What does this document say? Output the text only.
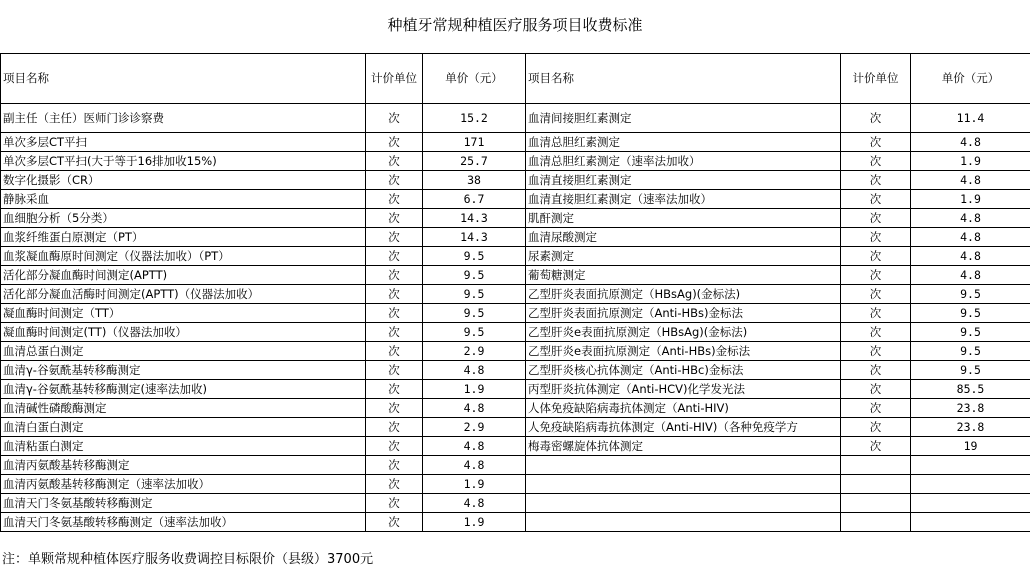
种植牙常规种植医疗服务项目收费标准
项目名称	计价单位	单价（元）	项目名称	计价单位	单价（元）
副主任（主任）医师门诊诊察费	次	15.2	血清间接胆红素测定	次	11.4
单次多层CT平扫	次	171	血清总胆红素测定	次	4.8
单次多层CT平扫(大于等于16排加收15%)	次	25.7	血清总胆红素测定（速率法加收）	次	1.9
数字化摄影（CR）	次	38	血清直接胆红素测定	次	4.8
静脉采血	次	6.7	血清直接胆红素测定（速率法加收）	次	1.9
血细胞分析（5分类）	次	14.3	肌酐测定	次	4.8
血浆纤维蛋白原测定（PT）	次	14.3	血清尿酸测定	次	4.8
血浆凝血酶原时间测定（仪器法加收）（PT）	次	9.5	尿素测定	次	4.8
活化部分凝血酶时间测定(APTT)	次	9.5	葡萄糖测定	次	4.8
活化部分凝血活酶时间测定(APTT)（仪器法加收）	次	9.5	乙型肝炎表面抗原测定（HBsAg)(金标法)	次	9.5
凝血酶时间测定（TT）	次	9.5	乙型肝炎表面抗原测定（Anti-HBs)金标法	次	9.5
凝血酶时间测定(TT)（仪器法加收）	次	9.5	乙型肝炎e表面抗原测定（HBsAg)(金标法)	次	9.5
血清总蛋白测定	次	2.9	乙型肝炎e表面抗原测定（Anti-HBs)金标法	次	9.5
血清γ-谷氨酰基转移酶测定	次	4.8	乙型肝炎核心抗体测定（Anti-HBc)金标法	次	9.5
血清γ-谷氨酰基转移酶测定(速率法加收)	次	1.9	丙型肝炎抗体测定（Anti-HCV)化学发光法	次	85.5
血清碱性磷酸酶测定	次	4.8	人体免疫缺陷病毒抗体测定（Anti-HIV)	次	23.8
血清白蛋白测定	次	2.9	人免疫缺陷病毒抗体测定（Anti-HIV)（各种免疫学方	次	23.8
血清粘蛋白测定	次	4.8	梅毒密螺旋体抗体测定	次	19
血清丙氨酸基转移酶测定	次	4.8			
血清丙氨酸基转移酶测定（速率法加收）	次	1.9			
血清天门冬氨基酸转移酶测定	次	4.8			
血清天门冬氨基酸转移酶测定（速率法加收）	次	1.9			
注：单颗常规种植体医疗服务收费调控目标限价（县级）3700元
